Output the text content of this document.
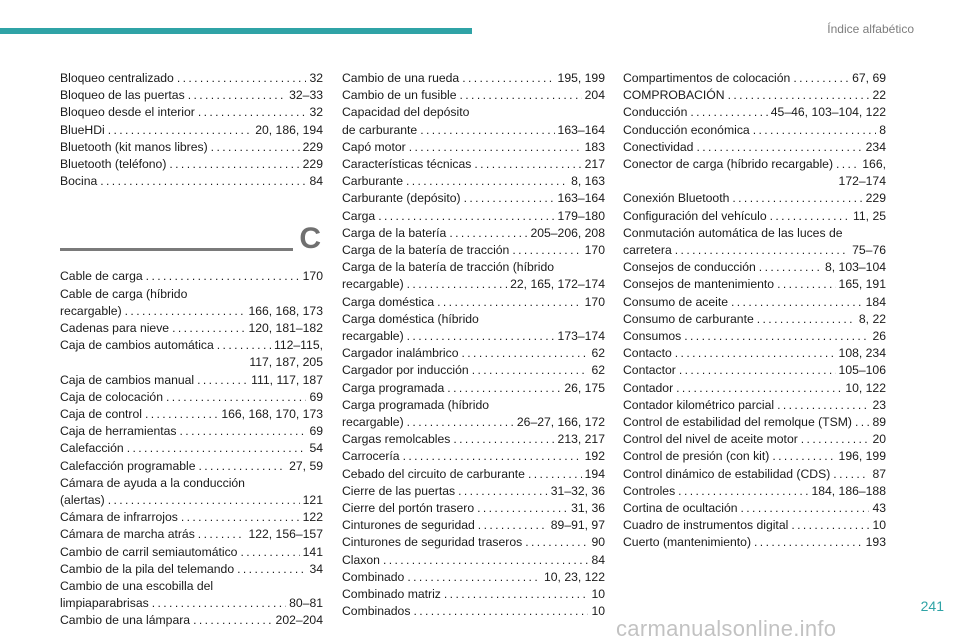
Índice alfabético
Bloqueo centralizado . . .	32
Bloqueo de las puertas . . .	32–33
Bloqueo desde el interior . . .	32
BlueHDi . . .	20, 186, 194
Bluetooth (kit manos libres) . . .	229
Bluetooth (teléfono) . . .	229
Bocina . . .	84
C
Cable de carga . . .	170
Cable de carga (híbrido
recargable) . . .	166, 168, 173
Cadenas para nieve . . .	120, 181–182
Caja de cambios automática . . .	112–115,
117, 187, 205
Caja de cambios manual . . .	111, 117, 187
Caja de colocación . . .	69
Caja de control . . .	166, 168, 170, 173
Caja de herramientas . . .	69
Calefacción . . .	54
Calefacción programable . . .	27, 59
Cámara de ayuda a la conducción
(alertas) . . .	121
Cámara de infrarrojos . . .	122
Cámara de marcha atrás . . .	122, 156–157
Cambio de carril semiautomático . . .	141
Cambio de la pila del telemando . . .	34
Cambio de una escobilla del
limpiaparabrisas . . .	80–81
Cambio de una lámpara . . .	202–204
Cambio de una rueda . . .	195, 199
Cambio de un fusible . . .	204
Capacidad del depósito
de carburante . . .	163–164
Capó motor . . .	183
Características técnicas . . .	217
Carburante . . .	8, 163
Carburante (depósito) . . .	163–164
Carga . . .	179–180
Carga de la batería . . .	205–206, 208
Carga de la batería de tracción . . .	170
Carga de la batería de tracción (híbrido
recargable) . . .	22, 165, 172–174
Carga doméstica . . .	170
Carga doméstica (híbrido
recargable) . . .	173–174
Cargador inalámbrico . . .	62
Cargador por inducción . . .	62
Carga programada . . .	26, 175
Carga programada (híbrido
recargable) . . .	26–27, 166, 172
Cargas remolcables . . .	213, 217
Carrocería . . .	192
Cebado del circuito de carburante . . .	194
Cierre de las puertas . . .	31–32, 36
Cierre del portón trasero . . .	31, 36
Cinturones de seguridad . . .	89–91, 97
Cinturones de seguridad traseros . . .	90
Claxon . . .	84
Combinado . . .	10, 23, 122
Combinado matriz . . .	10
Combinados . . .	10
Compartimentos de colocación . . .	67, 69
COMPROBACIÓN . . .	22
Conducción . . .	45–46, 103–104, 122
Conducción económica . . .	8
Conectividad . . .	234
Conector de carga (híbrido recargable) . . . 166,
172–174
Conexión Bluetooth . . .	229
Configuración del vehículo . . .	11, 25
Conmutación automática de las luces de
carretera . . .	75–76
Consejos de conducción . . .	8, 103–104
Consejos de mantenimiento . . .	165, 191
Consumo de aceite . . .	184
Consumo de carburante . . .	8, 22
Consumos . . .	26
Contacto . . .	108, 234
Contactor . . .	105–106
Contador . . .	10, 122
Contador kilométrico parcial . . .	23
Control de estabilidad del remolque (TSM) . . . 89
Control del nivel de aceite motor . . .	20
Control de presión (con kit) . . .	196, 199
Control dinámico de estabilidad (CDS) . . .	87
Controles . . .	184, 186–188
Cortina de ocultación . . .	43
Cuadro de instrumentos digital . . .	10
Cuerto (mantenimiento) . . .	193
241
carmanualsonline.info
